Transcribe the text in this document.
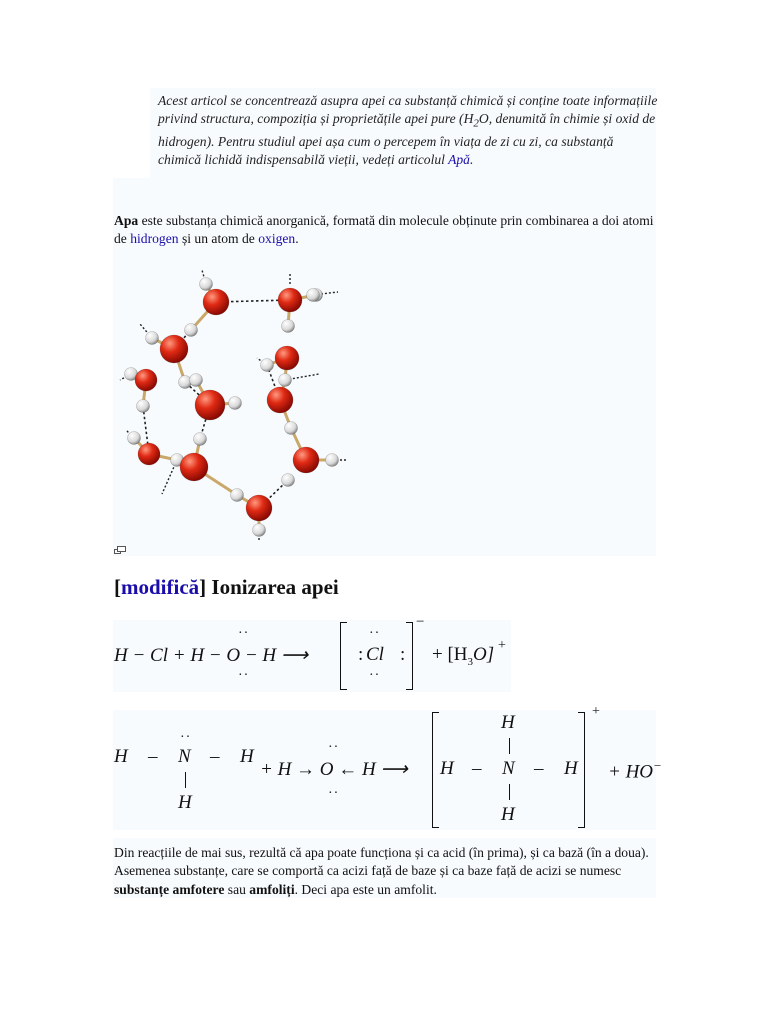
Acest articol se concentrează asupra apei ca substanță chimică și conține toate informațiile privind structura, compoziția și proprietățile apei pure ($H_2O$, denumită în chimie și oxid de hidrogen). Pentru studiul apei așa cum o percepem în viața de zi cu zi, ca substanță chimică lichidă indispensabilă vieții, vedeți articolul Apă.
Apa este substanța chimică anorganică, formată din molecule obținute prin combinarea a doi atomi de hidrogen și un atom de oxigen.
[modifică] Ionizarea apei
H − Cl + H − O − H ⟶
··
··
:
··
Cl
··
:
−
+ $[H_3O]$ +
H –
··
N – H
H
··
+ H → O ← H ⟶
··
H
H – N – H
H
+
+ HO−
Din reacțiile de mai sus, rezultă că apa poate funcționa și ca acid (în prima), și ca bază (în a doua). Asemenea substanțe, care se comportă ca acizi față de baze și ca baze față de acizi se numesc substanțe amfotere sau amfoliți. Deci apa este un amfolit.
